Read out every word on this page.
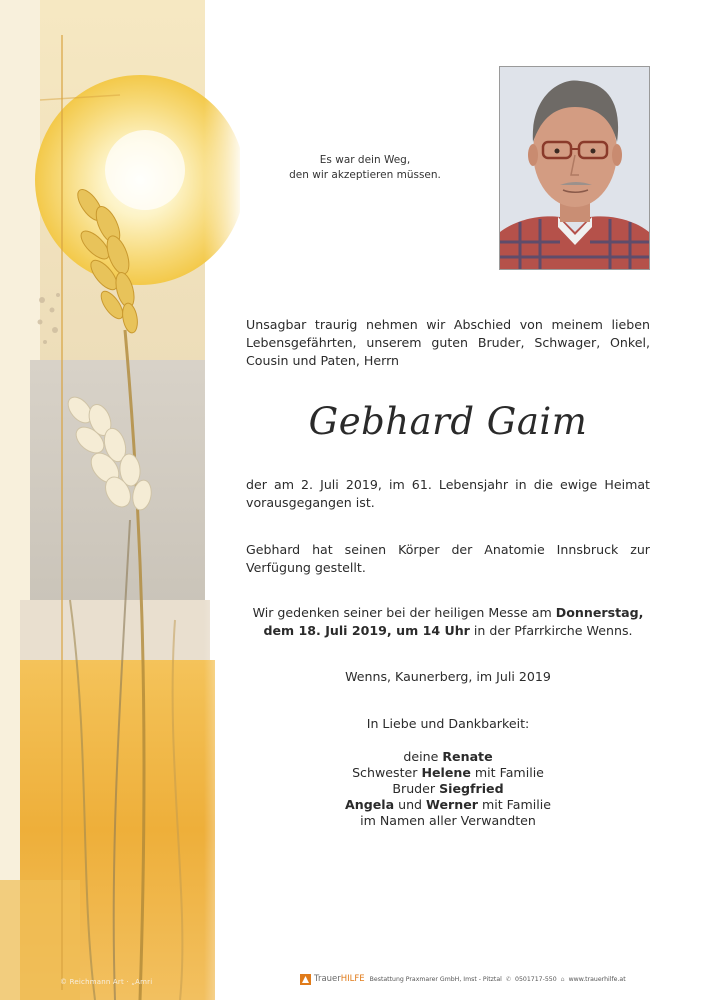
© Reichmann Art · „Amri
Es war dein Weg,
den wir akzeptieren müssen.
Unsagbar traurig nehmen wir Abschied von meinem lieben Lebensgefährten, unserem guten Bruder, Schwager, Onkel, Cousin und Paten, Herrn
Gebhard Gaim
der am 2. Juli 2019, im 61. Lebensjahr in die ewige Heimat vorausgegangen ist.
Gebhard hat seinen Körper der Anatomie Innsbruck zur Verfügung gestellt.
Wir gedenken seiner bei der heiligen Messe am Donnerstag,
dem 18. Juli 2019, um 14 Uhr in der Pfarrkirche Wenns.
Wenns, Kaunerberg, im Juli 2019
In Liebe und Dankbarkeit:
deine Renate
Schwester Helene mit Familie
Bruder Siegfried
Angela und Werner mit Familie
im Namen aller Verwandten
Trauer HILFE Bestattung Praxmarer GmbH, Imst - Pitztal ✆ 0501717-550 ⌂ www.trauerhilfe.at
